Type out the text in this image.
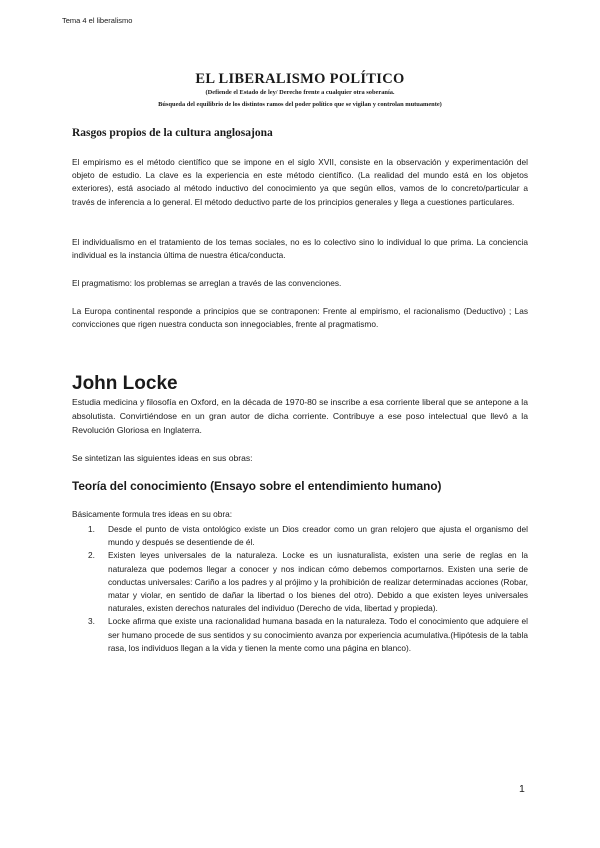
Tema 4 el liberalismo
EL LIBERALISMO POLÍTICO
(Defiende el Estado de ley/ Derecho frente a cualquier otra soberanía.
Búsqueda del equilibrio de los distintos ramos del poder político que se vigilan y controlan mutuamente)
Rasgos propios de la cultura anglosajona
El empirismo es el método científico que se impone en el siglo XVII, consiste en la observación y experimentación del objeto de estudio. La clave es la experiencia en este método científico. (La realidad del mundo está en los objetos exteriores), está asociado al método inductivo del conocimiento ya que según ellos, vamos de lo concreto/particular a través de inferencia a lo general. El método deductivo parte de los principios generales y llega a cuestiones particulares.
El individualismo en el tratamiento de los temas sociales, no es lo colectivo sino lo individual lo que prima. La conciencia individual es la instancia última de nuestra ética/conducta.
El pragmatismo: los problemas se arreglan a través de las convenciones.
La Europa continental responde a principios que se contraponen: Frente al empirismo, el racionalismo (Deductivo) ; Las convicciones que rigen nuestra conducta son innegociables, frente al pragmatismo.
John Locke
Estudia medicina y filosofía en Oxford, en la década de 1970-80 se inscribe a esa corriente liberal que se antepone a la absolutista. Convirtiéndose en un gran autor de dicha corriente. Contribuye a ese poso intelectual que llevó a la Revolución Gloriosa en Inglaterra.
Se sintetizan las siguientes ideas en sus obras:
Teoría del conocimiento (Ensayo sobre el entendimiento humano)
Básicamente formula tres ideas en su obra:
1. Desde el punto de vista ontológico existe un Dios creador como un gran relojero que ajusta el organismo del mundo y después se desentiende de él.
2. Existen leyes universales de la naturaleza. Locke es un iusnaturalista, existen una serie de reglas en la naturaleza que podemos llegar a conocer y nos indican cómo debemos comportarnos. Existen una serie de conductas universales: Cariño a los padres y al prójimo y la prohibición de realizar determinadas acciones (Robar, matar y violar, en sentido de dañar la libertad o los bienes del otro). Debido a que existen leyes universales naturales, existen derechos naturales del individuo (Derecho de vida, libertad y propieda).
3. Locke afirma que existe una racionalidad humana basada en la naturaleza. Todo el conocimiento que adquiere el ser humano procede de sus sentidos y su conocimiento avanza por experiencia acumulativa.(Hipótesis de la tabla rasa, los individuos llegan a la vida y tienen la mente como una página en blanco).
1
